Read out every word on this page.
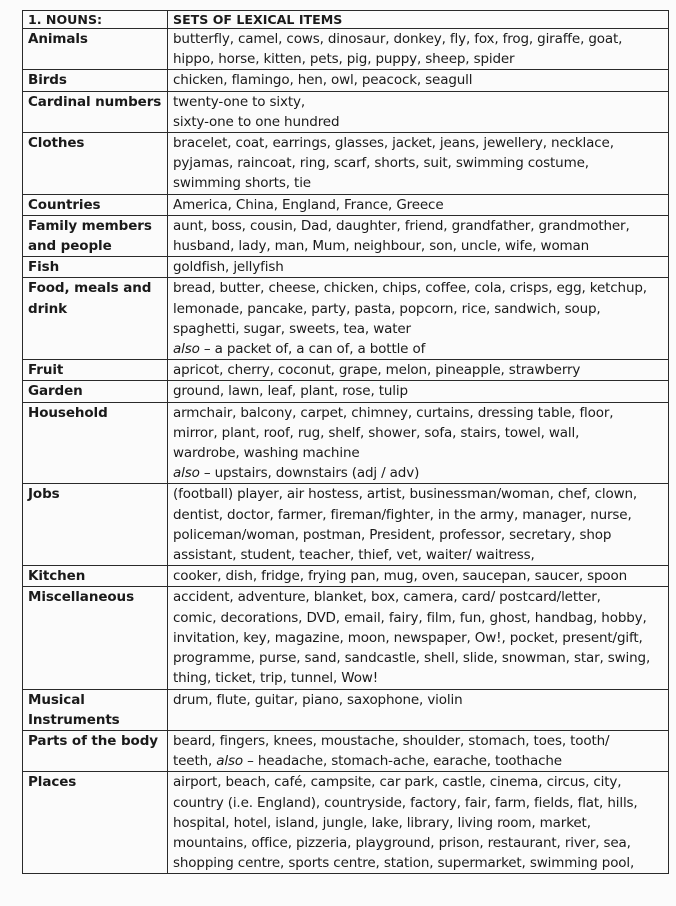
1. NOUNS:	SETS OF LEXICAL ITEMS

Animals	butterfly, camel, cows, dinosaur, donkey, fly, fox, frog, giraffe, goat,
hippo, horse, kitten, pets, pig, puppy, sheep, spider

Birds	chicken, flamingo, hen, owl, peacock, seagull

Cardinal numbers	twenty-one to sixty,
sixty-one to one hundred

Clothes	bracelet, coat, earrings, glasses, jacket, jeans, jewellery, necklace,
pyjamas, raincoat, ring, scarf, shorts, suit, swimming costume,
swimming shorts, tie

Countries	America, China, England, France, Greece

Family members
and people	aunt, boss, cousin, Dad, daughter, friend, grandfather, grandmother,
husband, lady, man, Mum, neighbour, son, uncle, wife, woman

Fish	goldfish, jellyfish

Food, meals and
drink	bread, butter, cheese, chicken, chips, coffee, cola, crisps, egg, ketchup,
lemonade, pancake, party, pasta, popcorn, rice, sandwich, soup,
spaghetti, sugar, sweets, tea, water
also – a packet of, a can of, a bottle of

Fruit	apricot, cherry, coconut, grape, melon, pineapple, strawberry

Garden	ground, lawn, leaf, plant, rose, tulip

Household	armchair, balcony, carpet, chimney, curtains, dressing table, floor,
mirror, plant, roof, rug, shelf, shower, sofa, stairs, towel, wall,
wardrobe, washing machine
also – upstairs, downstairs (adj / adv)

Jobs	(football) player, air hostess, artist, businessman/woman, chef, clown,
dentist, doctor, farmer, fireman/fighter, in the army, manager, nurse,
policeman/woman, postman, President, professor, secretary, shop
assistant, student, teacher, thief, vet, waiter/ waitress,

Kitchen	cooker, dish, fridge, frying pan, mug, oven, saucepan, saucer, spoon

Miscellaneous	accident, adventure, blanket, box, camera, card/ postcard/letter,
comic, decorations, DVD, email, fairy, film, fun, ghost, handbag, hobby,
invitation, key, magazine, moon, newspaper, Ow!, pocket, present/gift,
programme, purse, sand, sandcastle, shell, slide, snowman, star, swing,
thing, ticket, trip, tunnel, Wow!

Musical
Instruments	drum, flute, guitar, piano, saxophone, violin

Parts of the body	beard, fingers, knees, moustache, shoulder, stomach, toes, tooth/
teeth, also – headache, stomach-ache, earache, toothache

Places	airport, beach, café, campsite, car park, castle, cinema, circus, city,
country (i.e. England), countryside, factory, fair, farm, fields, flat, hills,
hospital, hotel, island, jungle, lake, library, living room, market,
mountains, office, pizzeria, playground, prison, restaurant, river, sea,
shopping centre, sports centre, station, supermarket, swimming pool,
